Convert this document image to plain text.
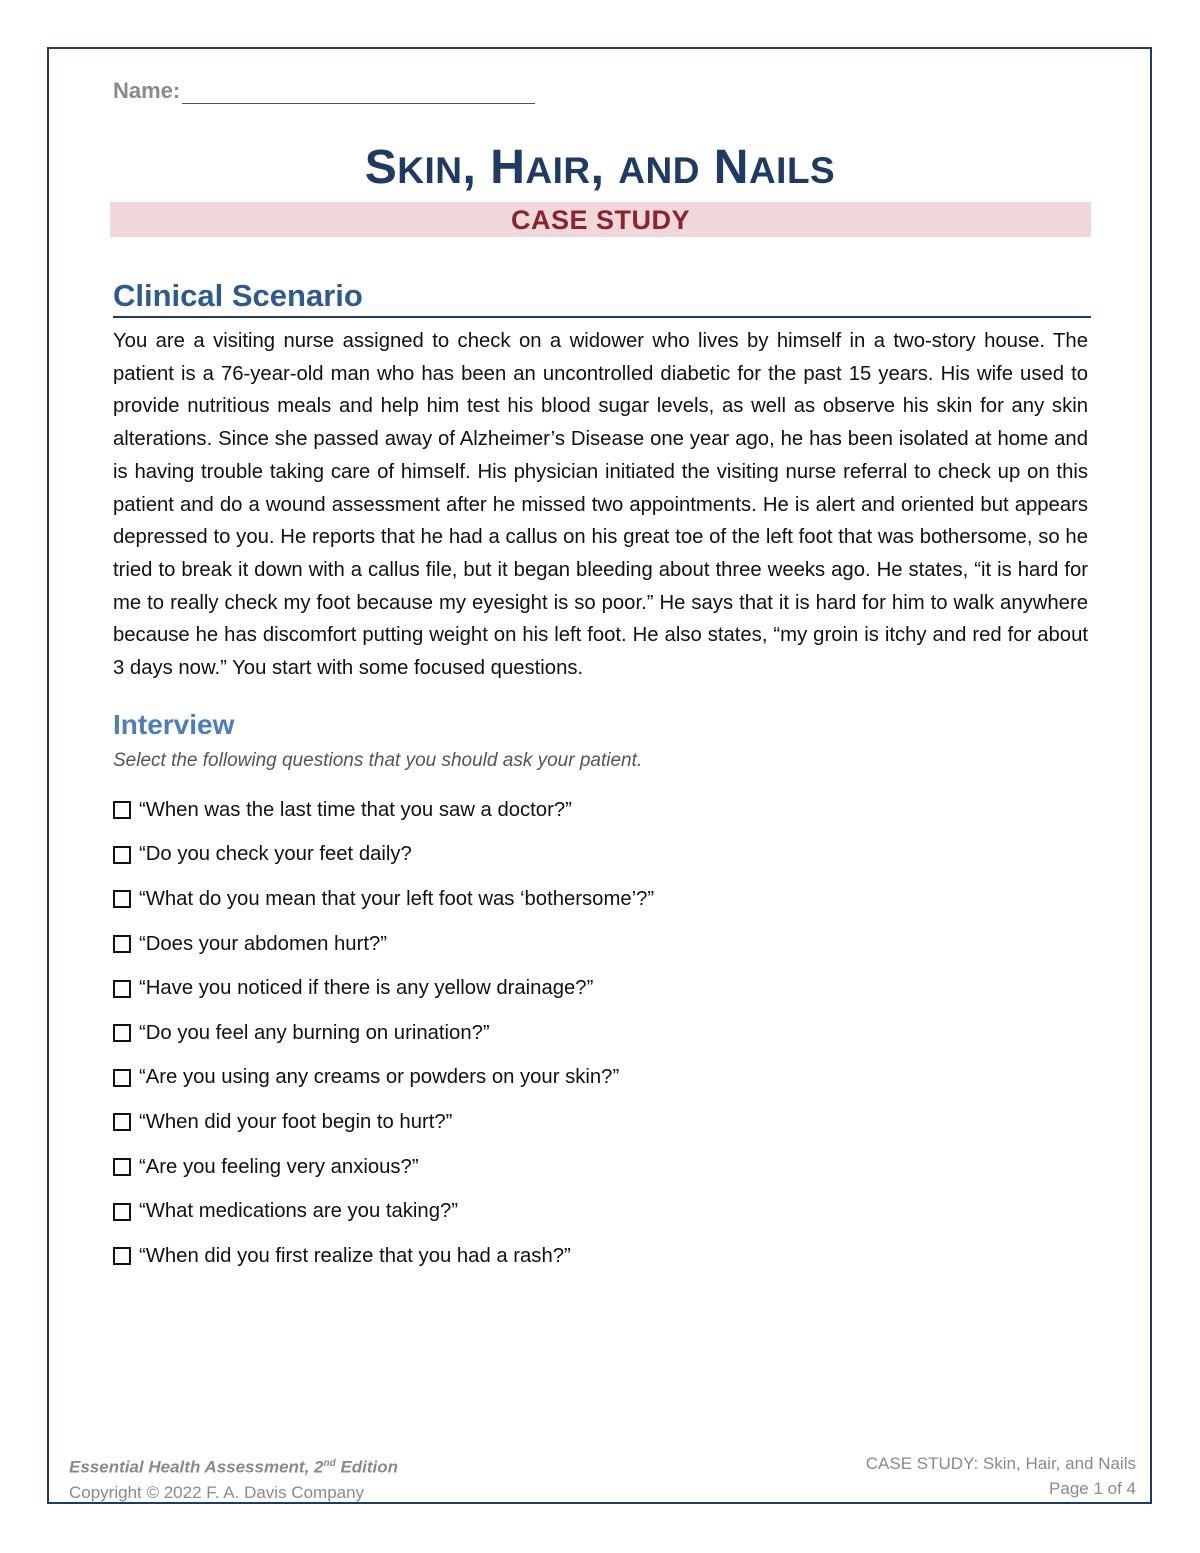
Name:
SKIN, HAIR, AND NAILS
CASE STUDY
Clinical Scenario

You are a visiting nurse assigned to check on a widower who lives by himself in a two-story house. The patient is a 76-year-old man who has been an uncontrolled diabetic for the past 15 years. His wife used to provide nutritious meals and help him test his blood sugar levels, as well as observe his skin for any skin alterations. Since she passed away of Alzheimer’s Disease one year ago, he has been isolated at home and is having trouble taking care of himself. His physician initiated the visiting nurse referral to check up on this patient and do a wound assessment after he missed two appointments. He is alert and oriented but appears depressed to you. He reports that he had a callus on his great toe of the left foot that was bothersome, so he tried to break it down with a callus file, but it began bleeding about three weeks ago. He states, “it is hard for me to really check my foot because my eyesight is so poor.” He says that it is hard for him to walk anywhere because he has discomfort putting weight on his left foot. He also states, “my groin is itchy and red for about 3 days now.” You start with some focused questions.

Interview
Select the following questions that you should ask your patient.
“When was the last time that you saw a doctor?”
“Do you check your feet daily?
“What do you mean that your left foot was ‘bothersome’?”
“Does your abdomen hurt?”
“Have you noticed if there is any yellow drainage?”
“Do you feel any burning on urination?”
“Are you using any creams or powders on your skin?”
“When did your foot begin to hurt?”
“Are you feeling very anxious?”
“What medications are you taking?”
“When did you first realize that you had a rash?”
Essential Health Assessment, 2nd Edition
Copyright © 2022 F. A. Davis Company
CASE STUDY: Skin, Hair, and Nails
Page 1 of 4
